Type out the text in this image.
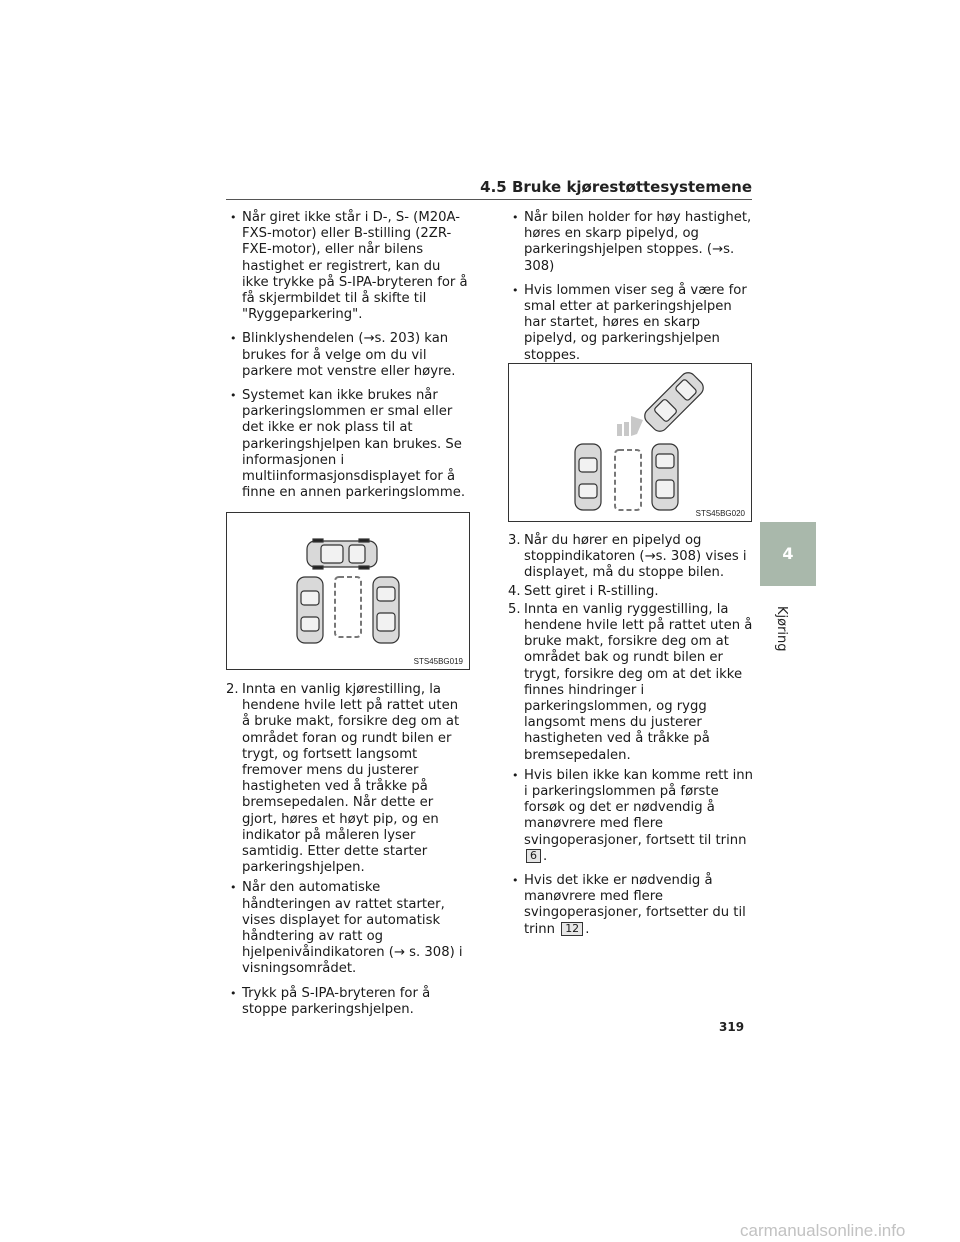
4.5 Bruke kjørestøttesystemene
• Når giret ikke står i D-, S- (M20A-FXS-motor) eller B-stilling (2ZR-FXE-motor), eller når bilens hastighet er registrert, kan du ikke trykke på S-IPA-bryteren for å få skjermbildet til å skifte til "Ryggeparkering".
• Blinklyshendelen (→s. 203) kan brukes for å velge om du vil parkere mot venstre eller høyre.
• Systemet kan ikke brukes når parkeringslommen er smal eller det ikke er nok plass til at parkeringshjelpen kan brukes. Se informasjonen i multiinformasjonsdisplayet for å finne en annen parkeringslomme.
STS45BG019
2. Innta en vanlig kjørestilling, la hendene hvile lett på rattet uten å bruke makt, forsikre deg om at området foran og rundt bilen er trygt, og fortsett langsomt fremover mens du justerer hastigheten ved å tråkke på bremsepedalen. Når dette er gjort, høres et høyt pip, og en indikator på måleren lyser samtidig. Etter dette starter parkeringshjelpen.
• Når den automatiske håndteringen av rattet starter, vises displayet for automatisk håndtering av ratt og hjelpenivåindikatoren (→ s. 308) i visningsområdet.
• Trykk på S-IPA-bryteren for å stoppe parkeringshjelpen.
• Når bilen holder for høy hastighet, høres en skarp pipelyd, og parkeringshjelpen stoppes. (→s. 308)
• Hvis lommen viser seg å være for smal etter at parkeringshjelpen har startet, høres en skarp pipelyd, og parkeringshjelpen stoppes.
STS45BG020
3. Når du hører en pipelyd og stoppindikatoren (→s. 308) vises i displayet, må du stoppe bilen.
4. Sett giret i R-stilling.
5. Innta en vanlig ryggestilling, la hendene hvile lett på rattet uten å bruke makt, forsikre deg om at området bak og rundt bilen er trygt, forsikre deg om at det ikke finnes hindringer i parkeringslommen, og rygg langsomt mens du justerer hastigheten ved å tråkke på bremsepedalen.
• Hvis bilen ikke kan komme rett inn i parkeringslommen på første forsøk og det er nødvendig å manøvrere med flere svingoperasjoner, fortsett til trinn 6 .
• Hvis det ikke er nødvendig å manøvrere med flere svingoperasjoner, fortsetter du til trinn 12 .
4
Kjøring
319
carmanualsonline.info
